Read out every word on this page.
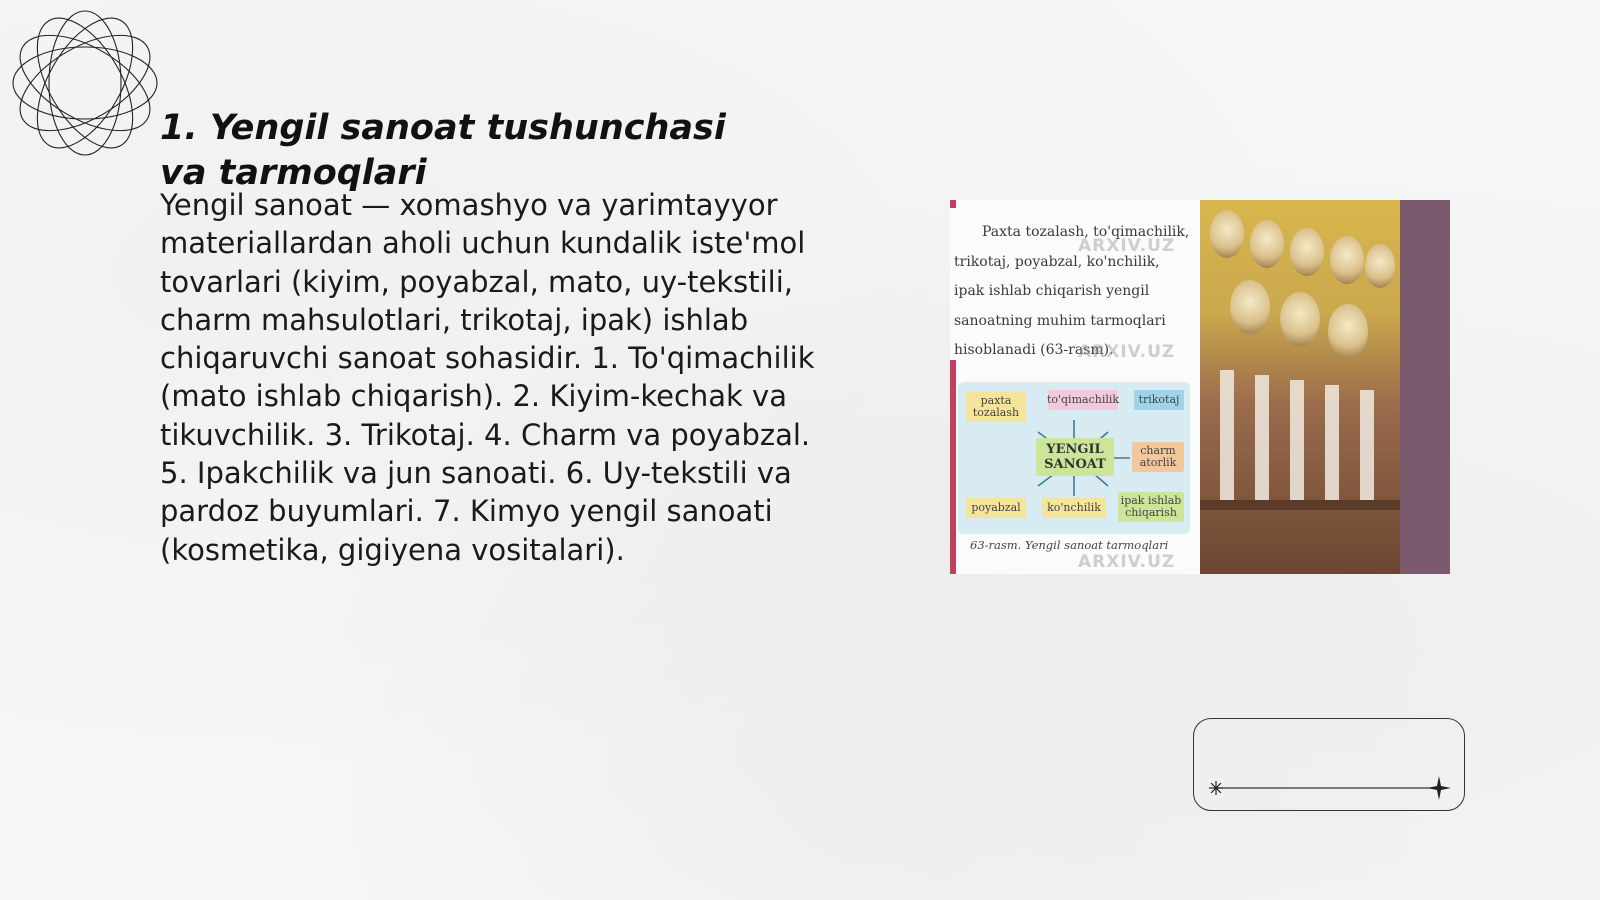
1. Yengil sanoat tushunchasi va tarmoqlari

Yengil sanoat — xomashyo va yarimtayyor materiallardan aholi uchun kundalik iste'mol tovarlari (kiyim, poyabzal, mato, uy-tekstili, charm mahsulotlari, trikotaj, ipak) ishlab chiqaruvchi sanoat sohasidir. 1. To'qimachilik (mato ishlab chiqarish). 2. Kiyim-kechak va tikuvchilik. 3. Trikotaj. 4. Charm va poyabzal. 5. Ipakchilik va jun sanoati. 6. Uy-tekstili va pardoz buyumlari. 7. Kimyo yengil sanoati (kosmetika, gigiyena vositalari).

Paxta tozalash, to'qimachilik, trikotaj, poyabzal, ko'nchilik, ipak ishlab chiqarish yengil sanoatning muhim tarmoqlari hisoblanadi (63-rasm).

paxta tozalash
to'qimachilik	trikotaj
YENGIL SANOAT
charm atorlik
poyabzal	ko'nchilik
ipak ishlab chiqarish

63-rasm. Yengil sanoat tarmoqlari

ARXIV.UZ
ARXIV.UZ
ARXIV.UZ
